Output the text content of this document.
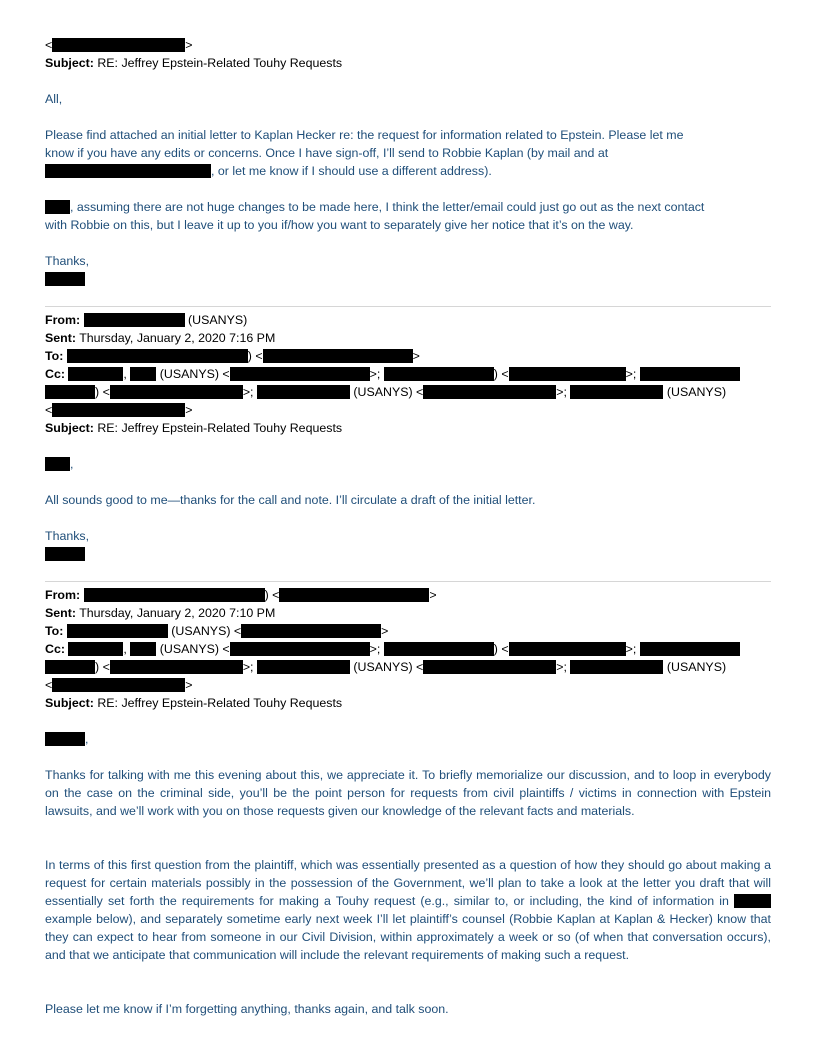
<	>
Subject: RE: Jeffrey Epstein-Related Touhy Requests
All,
Please find attached an initial letter to Kaplan Hecker re: the request for information related to Epstein. Please let me
know if you have any edits or concerns. Once I have sign-off, I’ll send to Robbie Kaplan (by mail and at
, or let me know if I should use a different address).
, assuming there are not huge changes to be made here, I think the letter/email could just go out as the next contact
with Robbie on this, but I leave it up to you if/how you want to separately give her notice that it’s on the way.
Thanks,
From:	(USANYS)
Sent: Thursday, January 2, 2020 7:16 PM
To:	) <	>
Cc:	,  (USANYS) <	>;	) <	>;
) <	>;	(USANYS) <	>;	(USANYS)
<	>
Subject: RE: Jeffrey Epstein-Related Touhy Requests
,
All sounds good to me—thanks for the call and note. I’ll circulate a draft of the initial letter.
Thanks,
From:	) <	>
Sent: Thursday, January 2, 2020 7:10 PM
To:	(USANYS) <	>
Cc:	,  (USANYS) <	>;	) <	>;
) <	>;	(USANYS) <	>;	(USANYS)
<	>
Subject: RE: Jeffrey Epstein-Related Touhy Requests
,
Thanks for talking with me this evening about this, we appreciate it. To briefly memorialize our discussion, and to loop in everybody on the case on the criminal side, you’ll be the point person for requests from civil plaintiffs / victims in connection with Epstein lawsuits, and we’ll work with you on those requests given our knowledge of the relevant facts and materials.
In terms of this first question from the plaintiff, which was essentially presented as a question of how they should go about making a request for certain materials possibly in the possession of the Government, we’ll plan to take a look at the letter you draft that will essentially set forth the requirements for making a Touhy request (e.g., similar to, or including, the kind of information in  example below), and separately sometime early next week I’ll let plaintiff’s counsel (Robbie Kaplan at Kaplan & Hecker) know that they can expect to hear from someone in our Civil Division, within approximately a week or so (of when that conversation occurs), and that we anticipate that communication will include the relevant requirements of making such a request.
Please let me know if I’m forgetting anything, thanks again, and talk soon.
